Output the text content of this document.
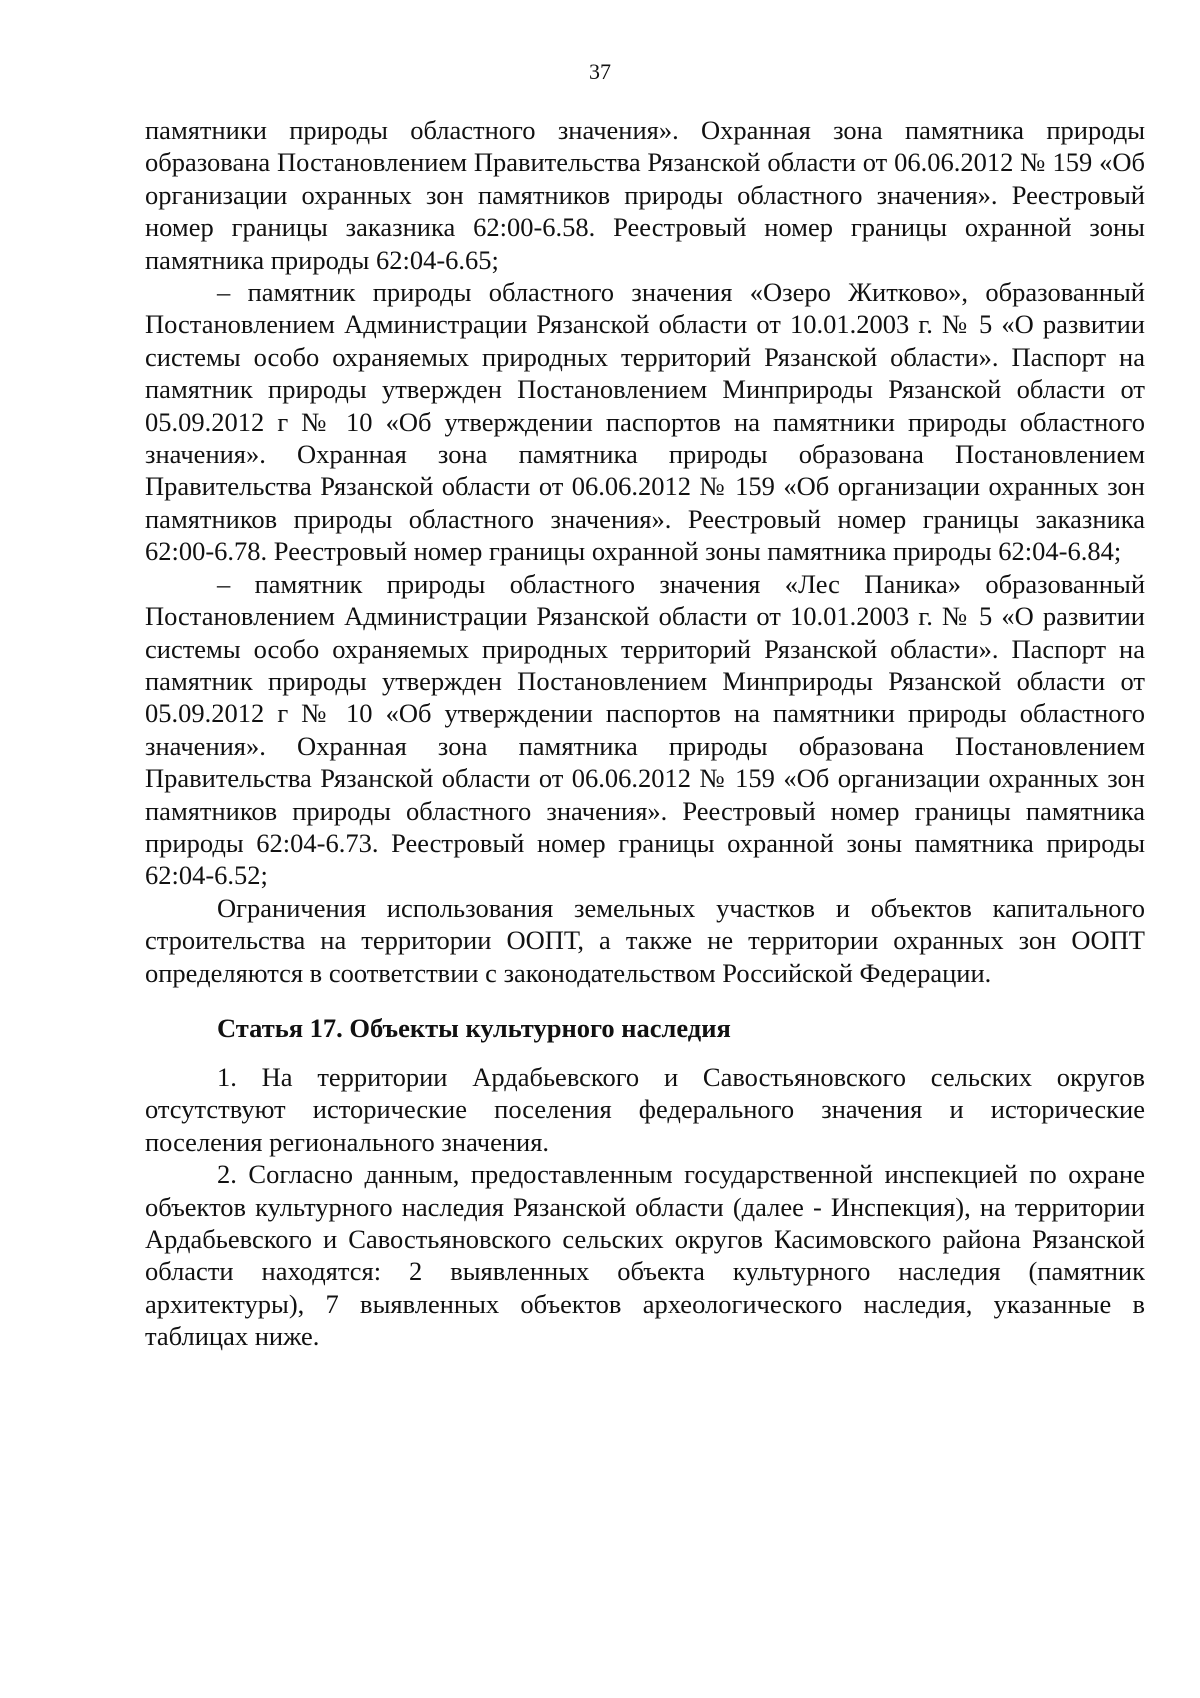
37

памятники природы областного значения». Охранная зона памятника природы образована Постановлением Правительства Рязанской области от 06.06.2012 № 159 «Об организации охранных зон памятников природы областного значения». Реестровый номер границы заказника 62:00-6.58. Реестровый номер границы охранной зоны памятника природы 62:04-6.65;

– памятник природы областного значения «Озеро Житково», образованный Постановлением Администрации Рязанской области от 10.01.2003 г. № 5 «О развитии системы особо охраняемых природных территорий Рязанской области». Паспорт на памятник природы утвержден Постановлением Минприроды Рязанской области от 05.09.2012 г № 10 «Об утверждении паспортов на памятники природы областного значения». Охранная зона памятника природы образована Постановлением Правительства Рязанской области от 06.06.2012 № 159 «Об организации охранных зон памятников природы областного значения». Реестровый номер границы заказника 62:00-6.78. Реестровый номер границы охранной зоны памятника природы 62:04-6.84;

– памятник природы областного значения «Лес Паника» образованный Постановлением Администрации Рязанской области от 10.01.2003 г. № 5 «О развитии системы особо охраняемых природных территорий Рязанской области». Паспорт на памятник природы утвержден Постановлением Минприроды Рязанской области от 05.09.2012 г № 10 «Об утверждении паспортов на памятники природы областного значения». Охранная зона памятника природы образована Постановлением Правительства Рязанской области от 06.06.2012 № 159 «Об организации охранных зон памятников природы областного значения». Реестровый номер границы памятника природы 62:04-6.73. Реестровый номер границы охранной зоны памятника природы 62:04-6.52;

Ограничения использования земельных участков и объектов капитального строительства на территории ООПТ, а также не территории охранных зон ООПТ определяются в соответствии с законодательством Российской Федерации.

Статья 17. Объекты культурного наследия

1. На территории Ардабьевского и Савостьяновского сельских округов отсутствуют исторические поселения федерального значения и исторические поселения регионального значения.

2. Согласно данным, предоставленным государственной инспекцией по охране объектов культурного наследия Рязанской области (далее - Инспекция), на территории Ардабьевского и Савостьяновского сельских округов Касимовского района Рязанской области находятся: 2 выявленных объекта культурного наследия (памятник архитектуры), 7 выявленных объектов археологического наследия, указанные в таблицах ниже.
